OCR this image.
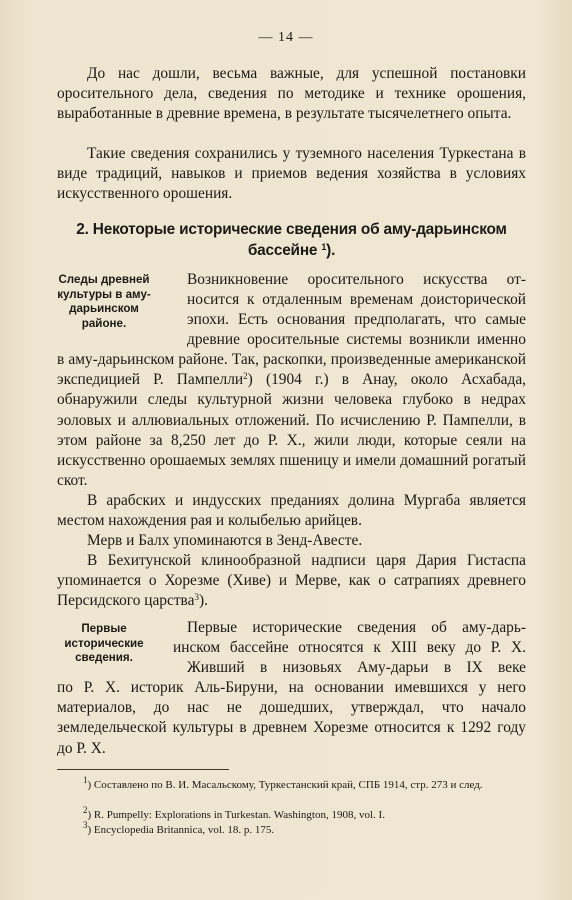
— 14 —

До нас дошли, весьма важные, для успешной постановки оросительного дела, сведения по методике и технике орошения, выработанные в древние времена, в результате тысячелетнего опыта.

Такие сведения сохранились у туземного населения Туркестана в виде традиций, навыков и приемов ведения хозяйства в условиях искусственного орошения.

2. Некоторые исторические сведения об аму-дарьинском бассейне $^1$).

Следы древней культуры в аму-дарьинском районе.

Возникновение оросительного искусства от-

носится к отдаленным временам доисторической

эпохи. Есть основания предполагать, что самые

древние оросительные системы возникли именно

в аму-дарьинском районе. Так, раскопки, произведенные американской экспедицией Р. Пампелли$^2$) (1904 г.) в Анау, около Асхабада, обнаружили следы культурной жизни человека глубоко в недрах эоловых и аллювиальных отложений. По исчислению Р. Пампелли, в этом районе за 8,250 лет до Р. Х., жили люди, которые сеяли на искусственно орошаемых землях пшеницу и имели домашний рогатый скот.

В арабских и индусских преданиях долина Мургаба является местом нахождения рая и колыбелью арийцев.

Мерв и Балх упоминаются в Зенд-Авесте.

В Бехитунской клинообразной надписи царя Дария Гистаспа упоминается о Хорезме (Хиве) и Мерве, как о сатрапиях древнего Персидского царства$^3$).

Первые исторические сведения.

Первые исторические сведения об аму-дарь-

инском бассейне относятся к XIII веку до Р. Х.

Живший в низовьях Аму-дарьи в IX веке

по Р. Х. историк Аль-Бируни, на основании имевшихся у него материалов, до нас не дошедших, утверждал, что начало земледельческой культуры в древнем Хорезме относится к 1292 году до Р. Х.

$^1$) Составлено по В. И. Масальскому, Туркестанский край, СПБ 1914, стр. 273 и след.

$^2$) R. Pumpelly: Explorations in Turkestan. Washington, 1908, vol. I.

$^3$) Encyclopedia Britannica, vol. 18. p. 175.
